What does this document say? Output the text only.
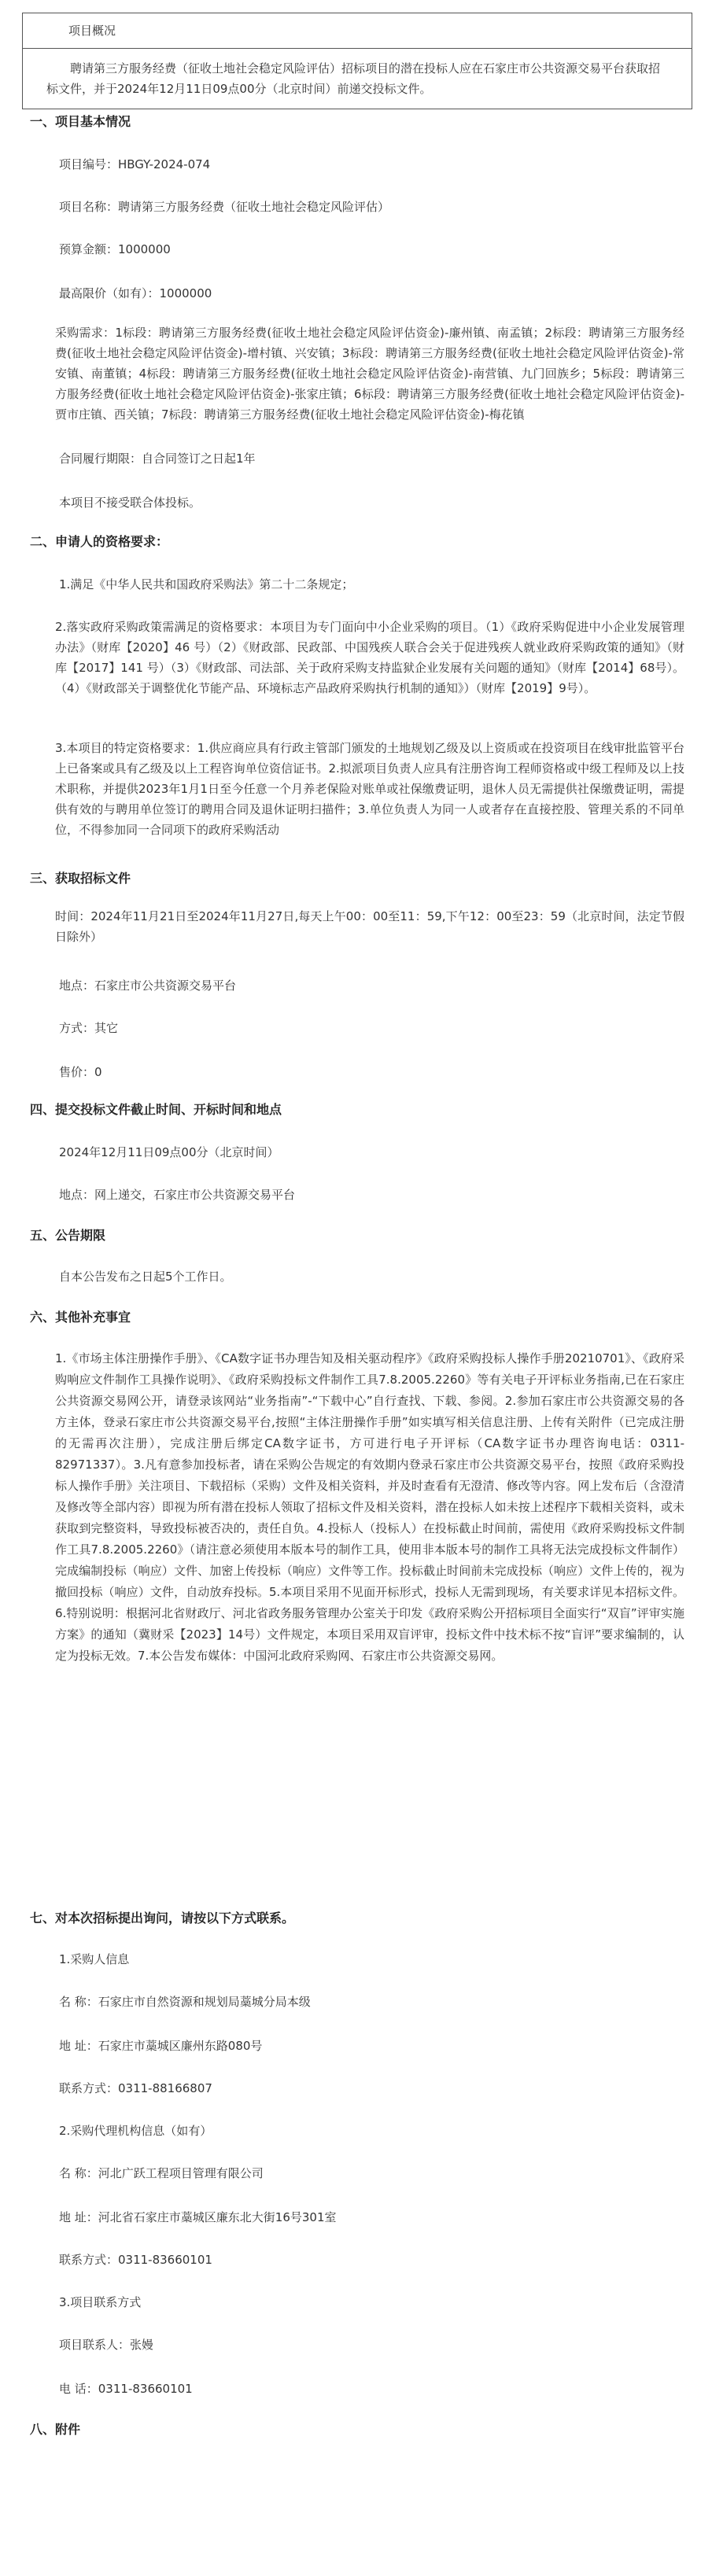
项目概况
聘请第三方服务经费（征收土地社会稳定风险评估）招标项目的潜在投标人应在石家庄市公共资源交易平台获取招标文件，并于2024年12月11日09点00分（北京时间）前递交投标文件。
一、项目基本情况
项目编号：HBGY-2024-074
项目名称：聘请第三方服务经费（征收土地社会稳定风险评估）
预算金额：1000000
最高限价（如有）：1000000
采购需求：1标段：聘请第三方服务经费(征收土地社会稳定风险评估资金)-廉州镇、南孟镇；2标段：聘请第三方服务经费(征收土地社会稳定风险评估资金)-增村镇、兴安镇；3标段：聘请第三方服务经费(征收土地社会稳定风险评估资金)-常安镇、南董镇；4标段：聘请第三方服务经费(征收土地社会稳定风险评估资金)-南营镇、九门回族乡；5标段：聘请第三方服务经费(征收土地社会稳定风险评估资金)-张家庄镇；6标段：聘请第三方服务经费(征收土地社会稳定风险评估资金)-贾市庄镇、西关镇；7标段：聘请第三方服务经费(征收土地社会稳定风险评估资金)-梅花镇
合同履行期限：自合同签订之日起1年
本项目不接受联合体投标。
二、申请人的资格要求：
1.满足《中华人民共和国政府采购法》第二十二条规定；
2.落实政府采购政策需满足的资格要求：本项目为专门面向中小企业采购的项目。（1）《政府采购促进中小企业发展管理办法》（财库【2020】46 号）（2）《财政部、民政部、中国残疾人联合会关于促进残疾人就业政府采购政策的通知》（财库【2017】141 号）（3）《财政部、司法部、关于政府采购支持监狱企业发展有关问题的通知》（财库【2014】68号）。（4）《财政部关于调整优化节能产品、环境标志产品政府采购执行机制的通知》）（财库【2019】9号）。
3.本项目的特定资格要求：1.供应商应具有行政主管部门颁发的土地规划乙级及以上资质或在投资项目在线审批监管平台上已备案或具有乙级及以上工程咨询单位资信证书。2.拟派项目负责人应具有注册咨询工程师资格或中级工程师及以上技术职称，并提供2023年1月1日至今任意一个月养老保险对账单或社保缴费证明，退休人员无需提供社保缴费证明，需提供有效的与聘用单位签订的聘用合同及退休证明扫描件；3.单位负责人为同一人或者存在直接控股、管理关系的不同单位，不得参加同一合同项下的政府采购活动
三、获取招标文件
时间：2024年11月21日至2024年11月27日,每天上午00：00至11：59,下午12：00至23：59（北京时间，法定节假日除外）
地点：石家庄市公共资源交易平台
方式：其它
售价：0
四、提交投标文件截止时间、开标时间和地点
2024年12月11日09点00分（北京时间）
地点：网上递交，石家庄市公共资源交易平台
五、公告期限
自本公告发布之日起5个工作日。
六、其他补充事宜
1.《市场主体注册操作手册》、《CA数字证书办理告知及相关驱动程序》《政府采购投标人操作手册20210701》、《政府采购响应文件制作工具操作说明》、《政府采购投标文件制作工具7.8.2005.2260》等有关电子开评标业务指南,已在石家庄公共资源交易网公开，请登录该网站“业务指南”-“下载中心”自行查找、下载、参阅。2.参加石家庄市公共资源交易的各方主体，登录石家庄市公共资源交易平台,按照“主体注册操作手册”如实填写相关信息注册、上传有关附件（已完成注册的无需再次注册），完成注册后绑定CA数字证书，方可进行电子开评标（CA数字证书办理咨询电话：0311-82971337）。3.凡有意参加投标者，请在采购公告规定的有效期内登录石家庄市公共资源交易平台，按照《政府采购投标人操作手册》关注项目、下载招标（采购）文件及相关资料，并及时查看有无澄清、修改等内容。网上发布后（含澄清及修改等全部内容）即视为所有潜在投标人领取了招标文件及相关资料，潜在投标人如未按上述程序下载相关资料，或未获取到完整资料，导致投标被否决的，责任自负。4.投标人（投标人）在投标截止时间前，需使用《政府采购投标文件制作工具7.8.2005.2260》（请注意必须使用本版本号的制作工具，使用非本版本号的制作工具将无法完成投标文件制作）完成编制投标（响应）文件、加密上传投标（响应）文件等工作。投标截止时间前未完成投标（响应）文件上传的，视为撤回投标（响应）文件，自动放弃投标。5.本项目采用不见面开标形式，投标人无需到现场，有关要求详见本招标文件。6.特别说明：根据河北省财政厅、河北省政务服务管理办公室关于印发《政府采购公开招标项目全面实行“双盲”评审实施方案》的通知（冀财采【2023】14号）文件规定，本项目采用双盲评审，投标文件中技术标不按“盲评”要求编制的，认定为投标无效。7.本公告发布媒体：中国河北政府采购网、石家庄市公共资源交易网。
七、对本次招标提出询问，请按以下方式联系。
1.采购人信息
名 称：石家庄市自然资源和规划局藁城分局本级
地 址：石家庄市藁城区廉州东路080号
联系方式：0311-88166807
2.采购代理机构信息（如有）
名 称：河北广跃工程项目管理有限公司
地 址：河北省石家庄市藁城区廉东北大街16号301室
联系方式：0311-83660101
3.项目联系方式
项目联系人：张嫚
电 话：0311-83660101
八、附件
